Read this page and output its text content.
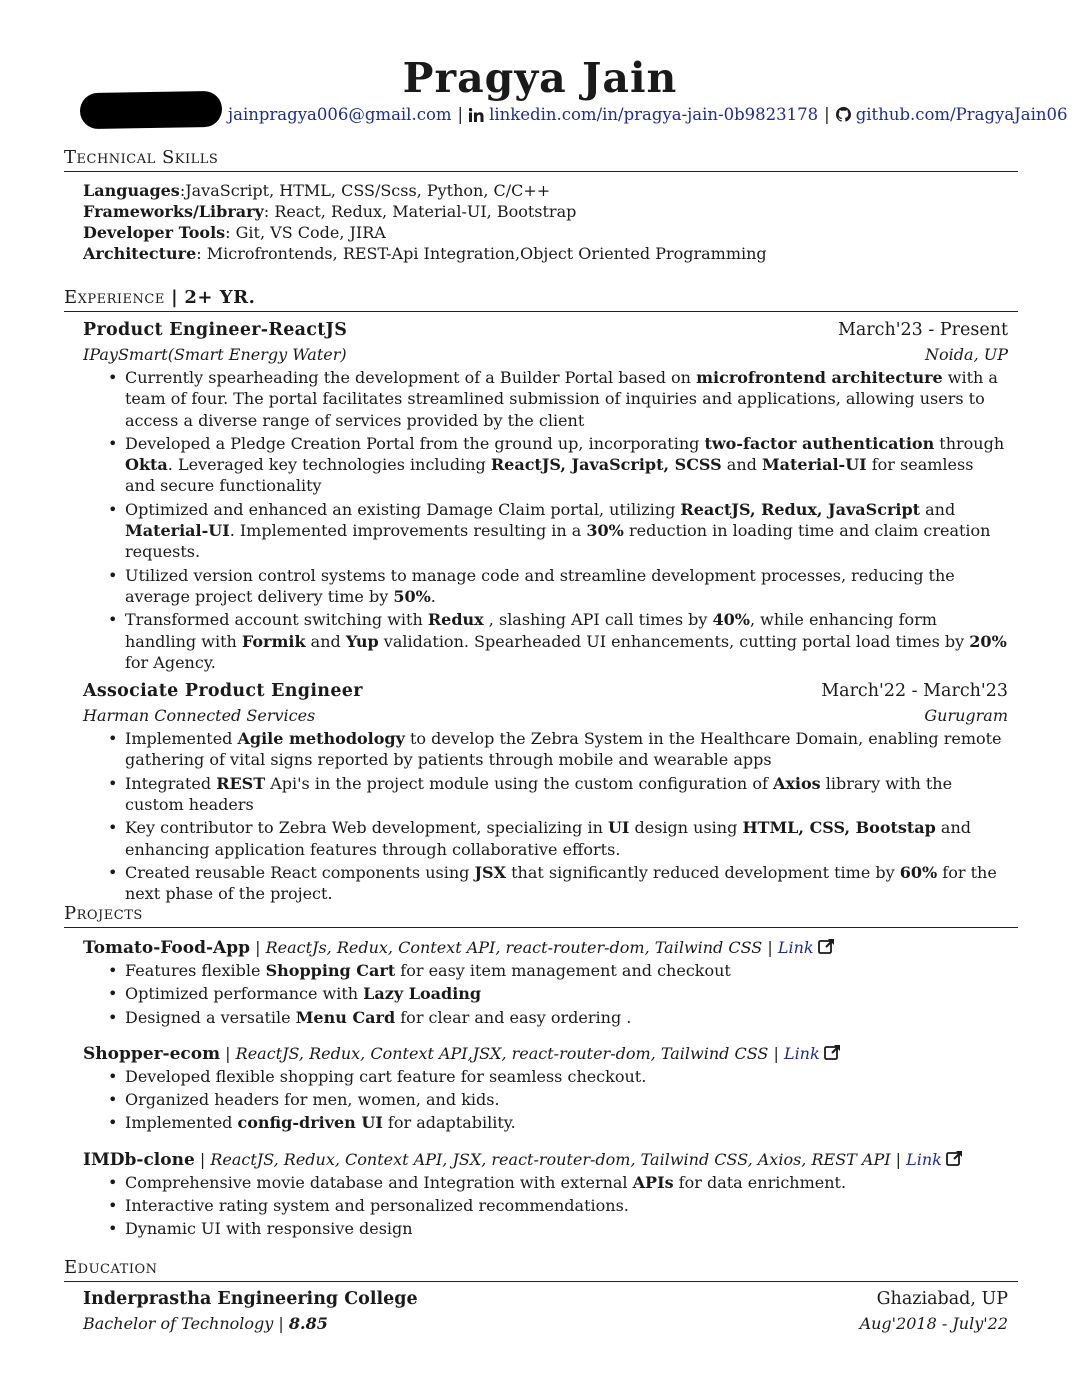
Pragya Jain
jainpragya006@gmail.com | linkedin.com/in/pragya-jain-0b9823178 | github.com/PragyaJain06
Technical Skills
Languages:JavaScript, HTML, CSS/Scss, Python, C/C++
Frameworks/Library: React, Redux, Material-UI, Bootstrap
Developer Tools: Git, VS Code, JIRA
Architecture: Microfrontends, REST-Api Integration,Object Oriented Programming
Experience | 2+ YR.
Product Engineer-ReactJS	March'23 - Present
IPaySmart(Smart Energy Water)	Noida, UP
• Currently spearheading the development of a Builder Portal based on microfrontend architecture with a team of four. The portal facilitates streamlined submission of inquiries and applications, allowing users to access a diverse range of services provided by the client
• Developed a Pledge Creation Portal from the ground up, incorporating two-factor authentication through Okta. Leveraged key technologies including ReactJS, JavaScript, SCSS and Material-UI for seamless and secure functionality
• Optimized and enhanced an existing Damage Claim portal, utilizing ReactJS, Redux, JavaScript and Material-UI. Implemented improvements resulting in a 30% reduction in loading time and claim creation requests.
• Utilized version control systems to manage code and streamline development processes, reducing the average project delivery time by 50%.
• Transformed account switching with Redux , slashing API call times by 40%, while enhancing form handling with Formik and Yup validation. Spearheaded UI enhancements, cutting portal load times by 20% for Agency.
Associate Product Engineer	March'22 - March'23
Harman Connected Services	Gurugram
• Implemented Agile methodology to develop the Zebra System in the Healthcare Domain, enabling remote gathering of vital signs reported by patients through mobile and wearable apps
• Integrated REST Api's in the project module using the custom configuration of Axios library with the custom headers
• Key contributor to Zebra Web development, specializing in UI design using HTML, CSS, Bootstap and enhancing application features through collaborative efforts.
• Created reusable React components using JSX that significantly reduced development time by 60% for the next phase of the project.
Projects
Tomato-Food-App | ReactJs, Redux, Context API, react-router-dom, Tailwind CSS | Link
• Features flexible Shopping Cart for easy item management and checkout
• Optimized performance with Lazy Loading
• Designed a versatile Menu Card for clear and easy ordering .
Shopper-ecom | ReactJS, Redux, Context API,JSX, react-router-dom, Tailwind CSS | Link
• Developed flexible shopping cart feature for seamless checkout.
• Organized headers for men, women, and kids.
• Implemented config-driven UI for adaptability.
IMDb-clone | ReactJS, Redux, Context API, JSX, react-router-dom, Tailwind CSS, Axios, REST API | Link
• Comprehensive movie database and Integration with external APIs for data enrichment.
• Interactive rating system and personalized recommendations.
• Dynamic UI with responsive design
Education
Inderprastha Engineering College	Ghaziabad, UP
Bachelor of Technology | 8.85	Aug'2018 - July'22
